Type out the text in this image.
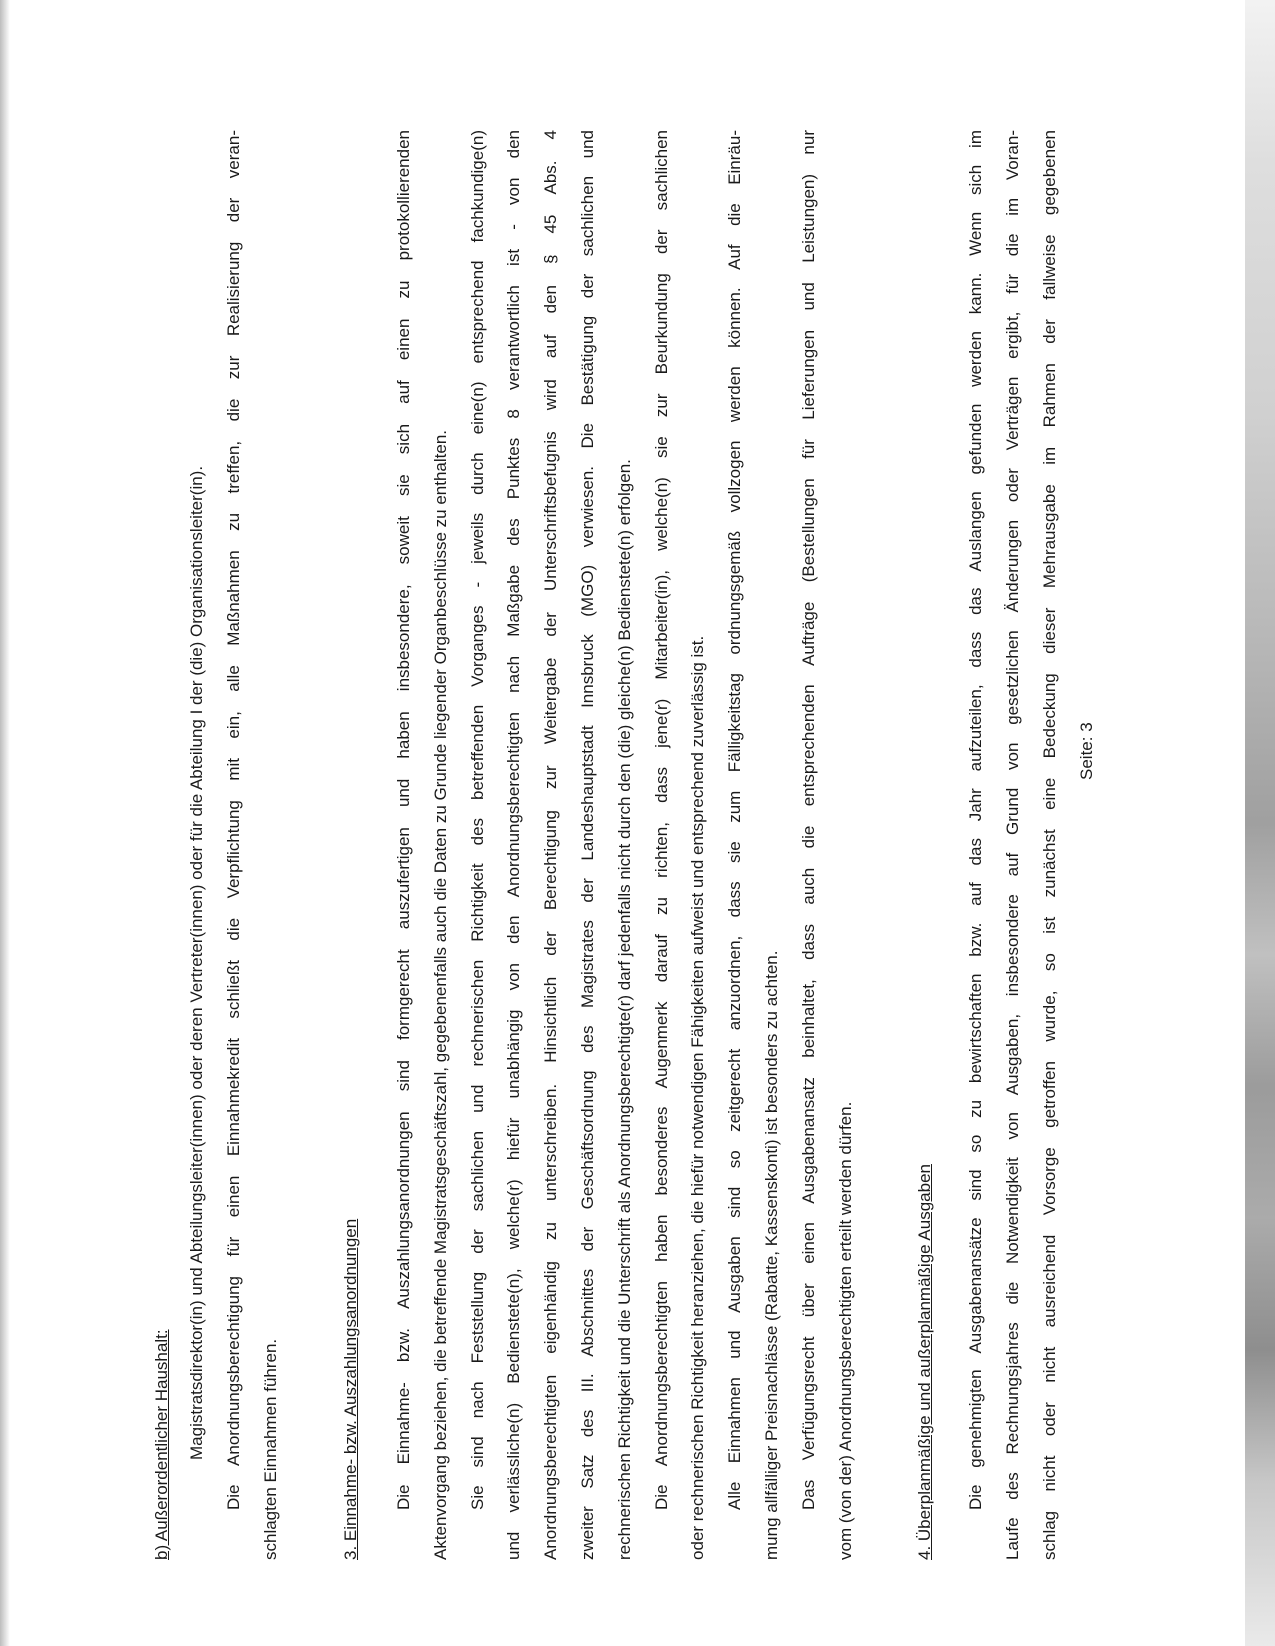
b) Außerordentlicher Haushalt: Magistratsdirektor(in) und Abteilungsleiter(innen) oder deren Vertreter(innen) oder für die Abteilung I der (die) Organisationsleiter(in). Die Anordnungsberechtigung für einen Einnahmekredit schließt die Verpflichtung mit ein, alle Maßnahmen zu treffen, die zur Realisierung der veran- schlagten Einnahmen führen.	3. Einnahme- bzw. Auszahlungsanordnungen Die Einnahme- bzw. Auszahlungsanordnungen sind formgerecht auszufertigen und haben insbesondere, soweit sie sich auf einen zu protokollierenden Aktenvorgang beziehen, die betreffende Magistratsgeschäftszahl, gegebenenfalls auch die Daten zu Grunde liegender Organbeschlüsse zu enthalten. Sie sind nach Feststellung der sachlichen und rechnerischen Richtigkeit des betreffenden Vorganges - jeweils durch eine(n) entsprechend fachkundige(n) und verlässliche(n) Bedienstete(n), welche(r) hiefür unabhängig von den Anordnungsberechtigten nach Maßgabe des Punktes 8 verantwortlich ist - von den Anordnungsberechtigten eigenhändig zu unterschreiben. Hinsichtlich der Berechtigung zur Weitergabe der Unterschriftsbefugnis wird auf den § 45 Abs. 4 zweiter Satz des III. Abschnittes der Geschäftsordnung des Magistrates der Landeshauptstadt Innsbruck (MGO) verwiesen. Die Bestätigung der sachlichen und rechnerischen Richtigkeit und die Unterschrift als Anordnungsberechtigte(r) darf jedenfalls nicht durch den (die) gleiche(n) Bedienstete(n) erfolgen. Die Anordnungsberechtigten haben besonderes Augenmerk darauf zu richten, dass jene(r) Mitarbeiter(in), welche(n) sie zur Beurkundung der sachlichen oder rechnerischen Richtigkeit heranziehen, die hiefür notwendigen Fähigkeiten aufweist und entsprechend zuverlässig ist. Alle Einnahmen und Ausgaben sind so zeitgerecht anzuordnen, dass sie zum Fälligkeitstag ordnungsgemäß vollzogen werden können. Auf die Einräu- mung allfälliger Preisnachlässe (Rabatte, Kassenskonti) ist besonders zu achten. Das Verfügungsrecht über einen Ausgabenansatz beinhaltet, dass auch die entsprechenden Aufträge (Bestellungen für Lieferungen und Leistungen) nur vom (von der) Anordnungsberechtigten erteilt werden dürfen.	4. Überplanmäßige und außerplanmäßige Ausgaben Die genehmigten Ausgabenansätze sind so zu bewirtschaften bzw. auf das Jahr aufzuteilen, dass das Auslangen gefunden werden kann. Wenn sich im Laufe des Rechnungsjahres die Notwendigkeit von Ausgaben, insbesondere auf Grund von gesetzlichen Änderungen oder Verträgen ergibt, für die im Voran- schlag nicht oder nicht ausreichend Vorsorge getroffen wurde, so ist zunächst eine Bedeckung dieser Mehrausgabe im Rahmen der fallweise gegebenen Seite: 3
